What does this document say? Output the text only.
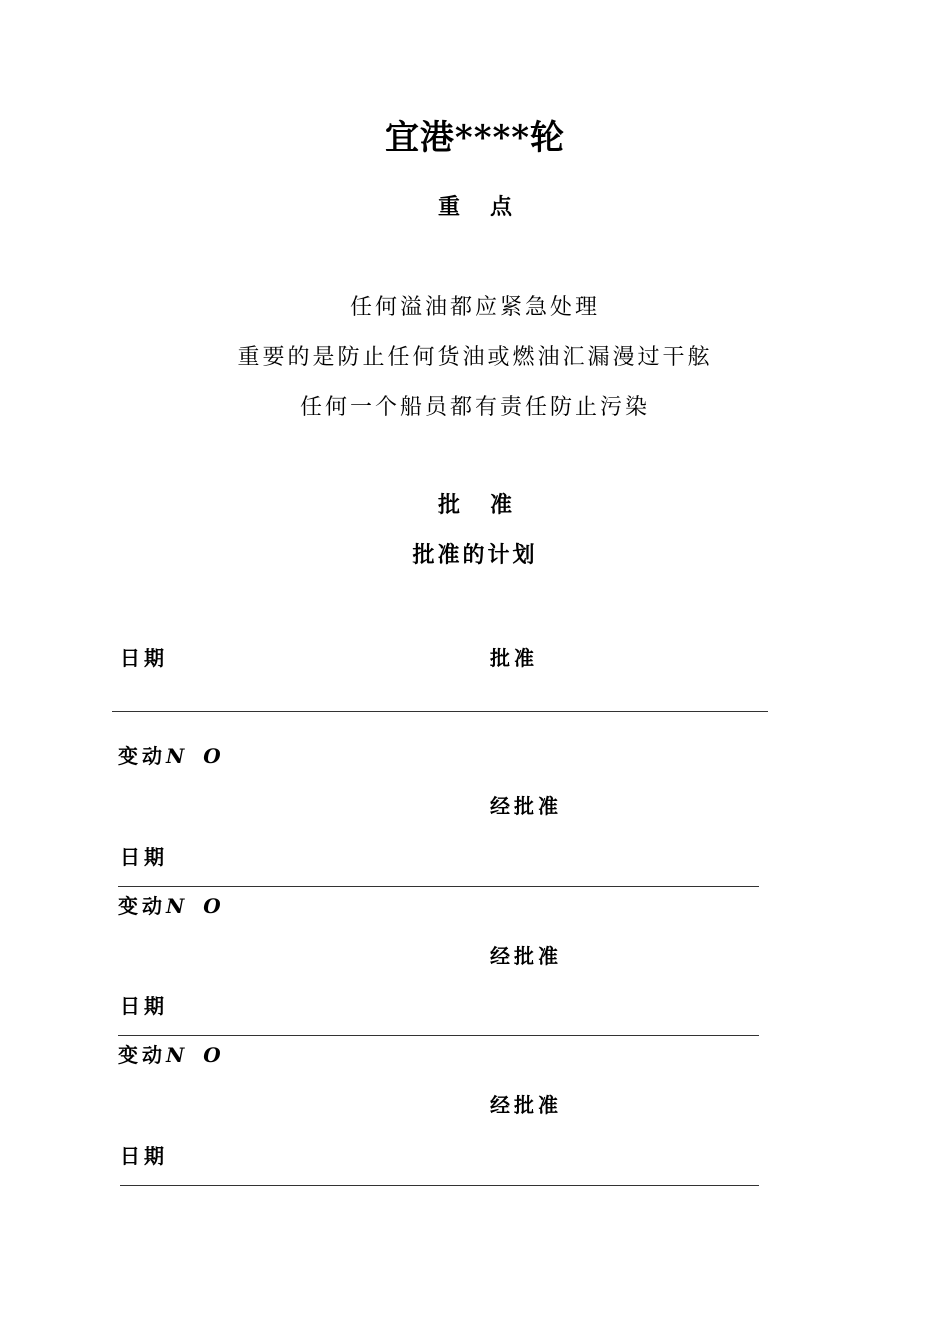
宜港****轮
重点
任何溢油都应紧急处理
重要的是防止任何货油或燃油汇漏漫过干舷
任何一个船员都有责任防止污染
批准
批准的计划
日期	批准
变动N O
经批准
日期
变动N O
经批准
日期
变动N O
经批准
日期
